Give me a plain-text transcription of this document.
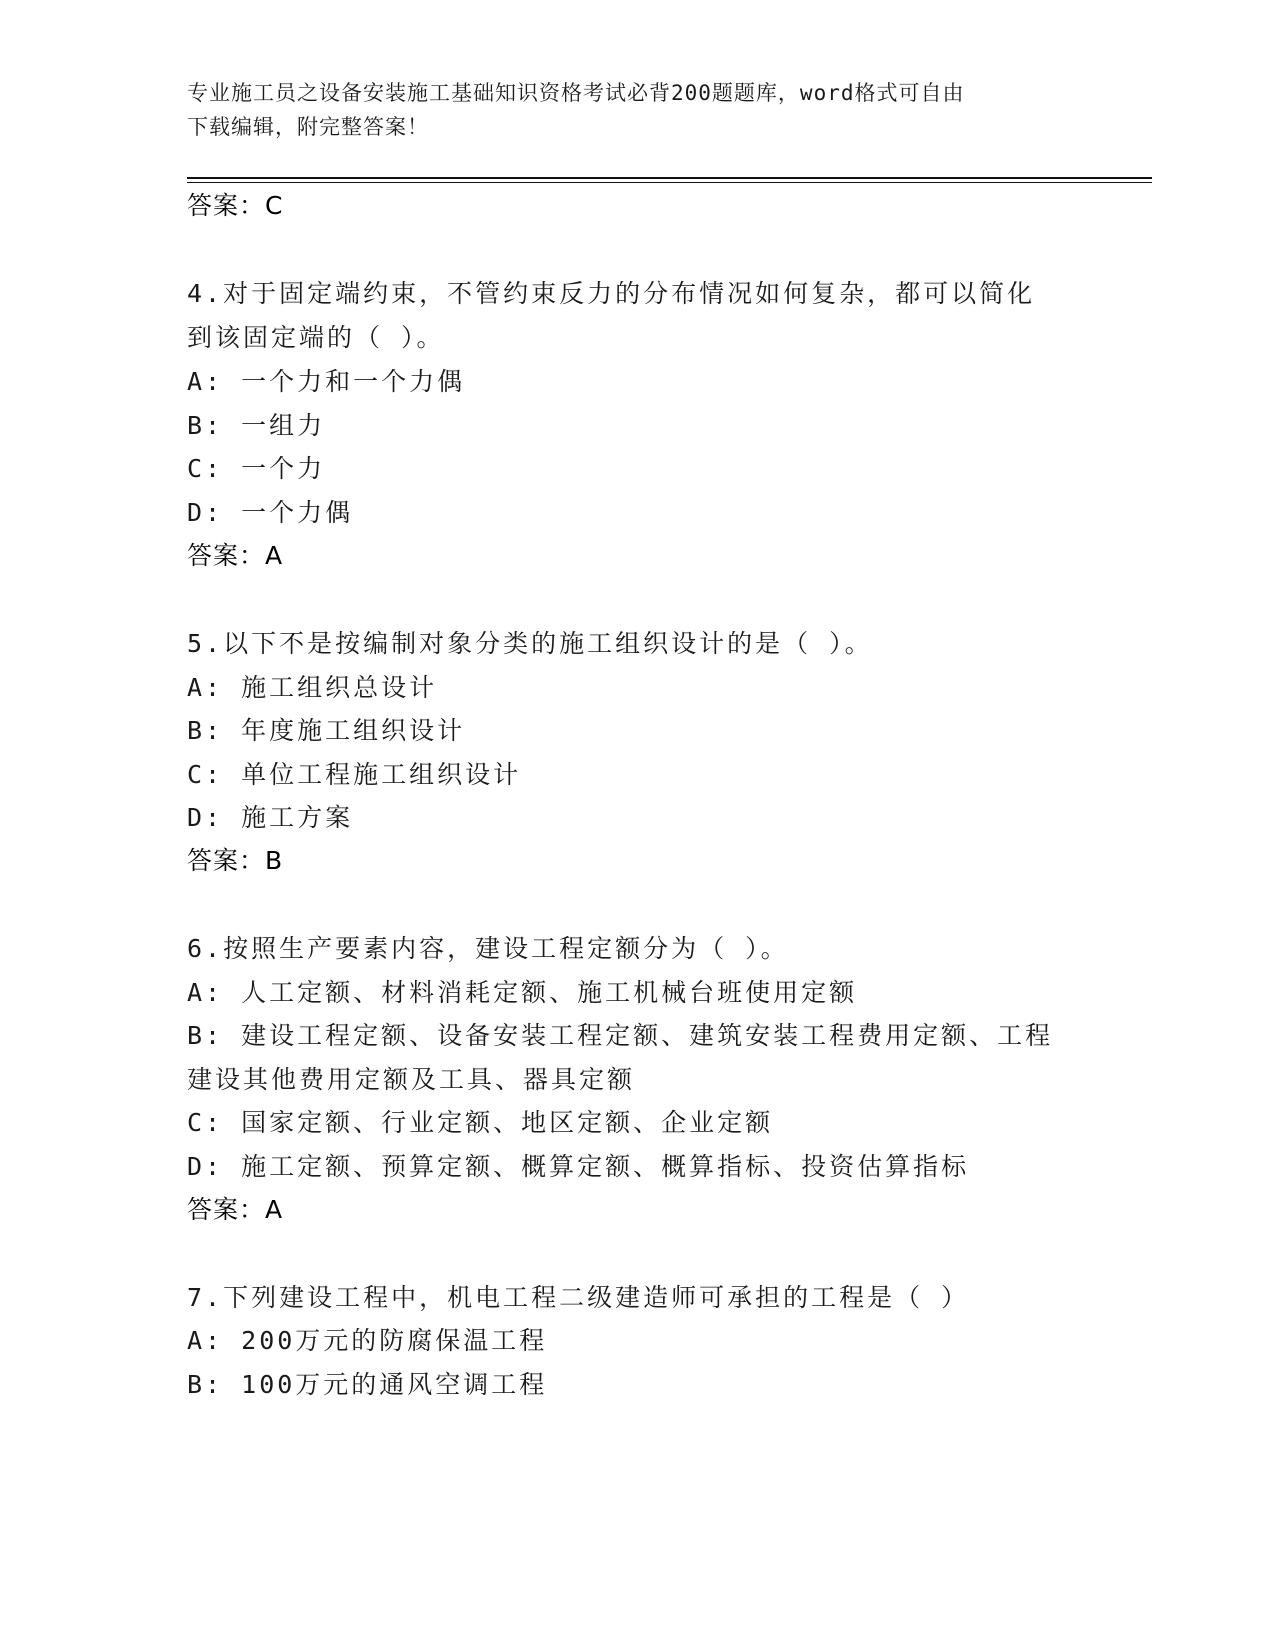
专业施工员之设备安装施工基础知识资格考试必背200题题库，word格式可自由
下载编辑，附完整答案！
答案：C
4.对于固定端约束，不管约束反力的分布情况如何复杂，都可以简化
到该固定端的（ ）。
A: 一个力和一个力偶
B: 一组力
C: 一个力
D: 一个力偶
答案：A
5.以下不是按编制对象分类的施工组织设计的是（ ）。
A: 施工组织总设计
B: 年度施工组织设计
C: 单位工程施工组织设计
D: 施工方案
答案：B
6.按照生产要素内容，建设工程定额分为（ ）。
A: 人工定额、材料消耗定额、施工机械台班使用定额
B: 建设工程定额、设备安装工程定额、建筑安装工程费用定额、工程
建设其他费用定额及工具、器具定额
C: 国家定额、行业定额、地区定额、企业定额
D: 施工定额、预算定额、概算定额、概算指标、投资估算指标
答案：A
7.下列建设工程中，机电工程二级建造师可承担的工程是（ ）
A: 200万元的防腐保温工程
B: 100万元的通风空调工程
